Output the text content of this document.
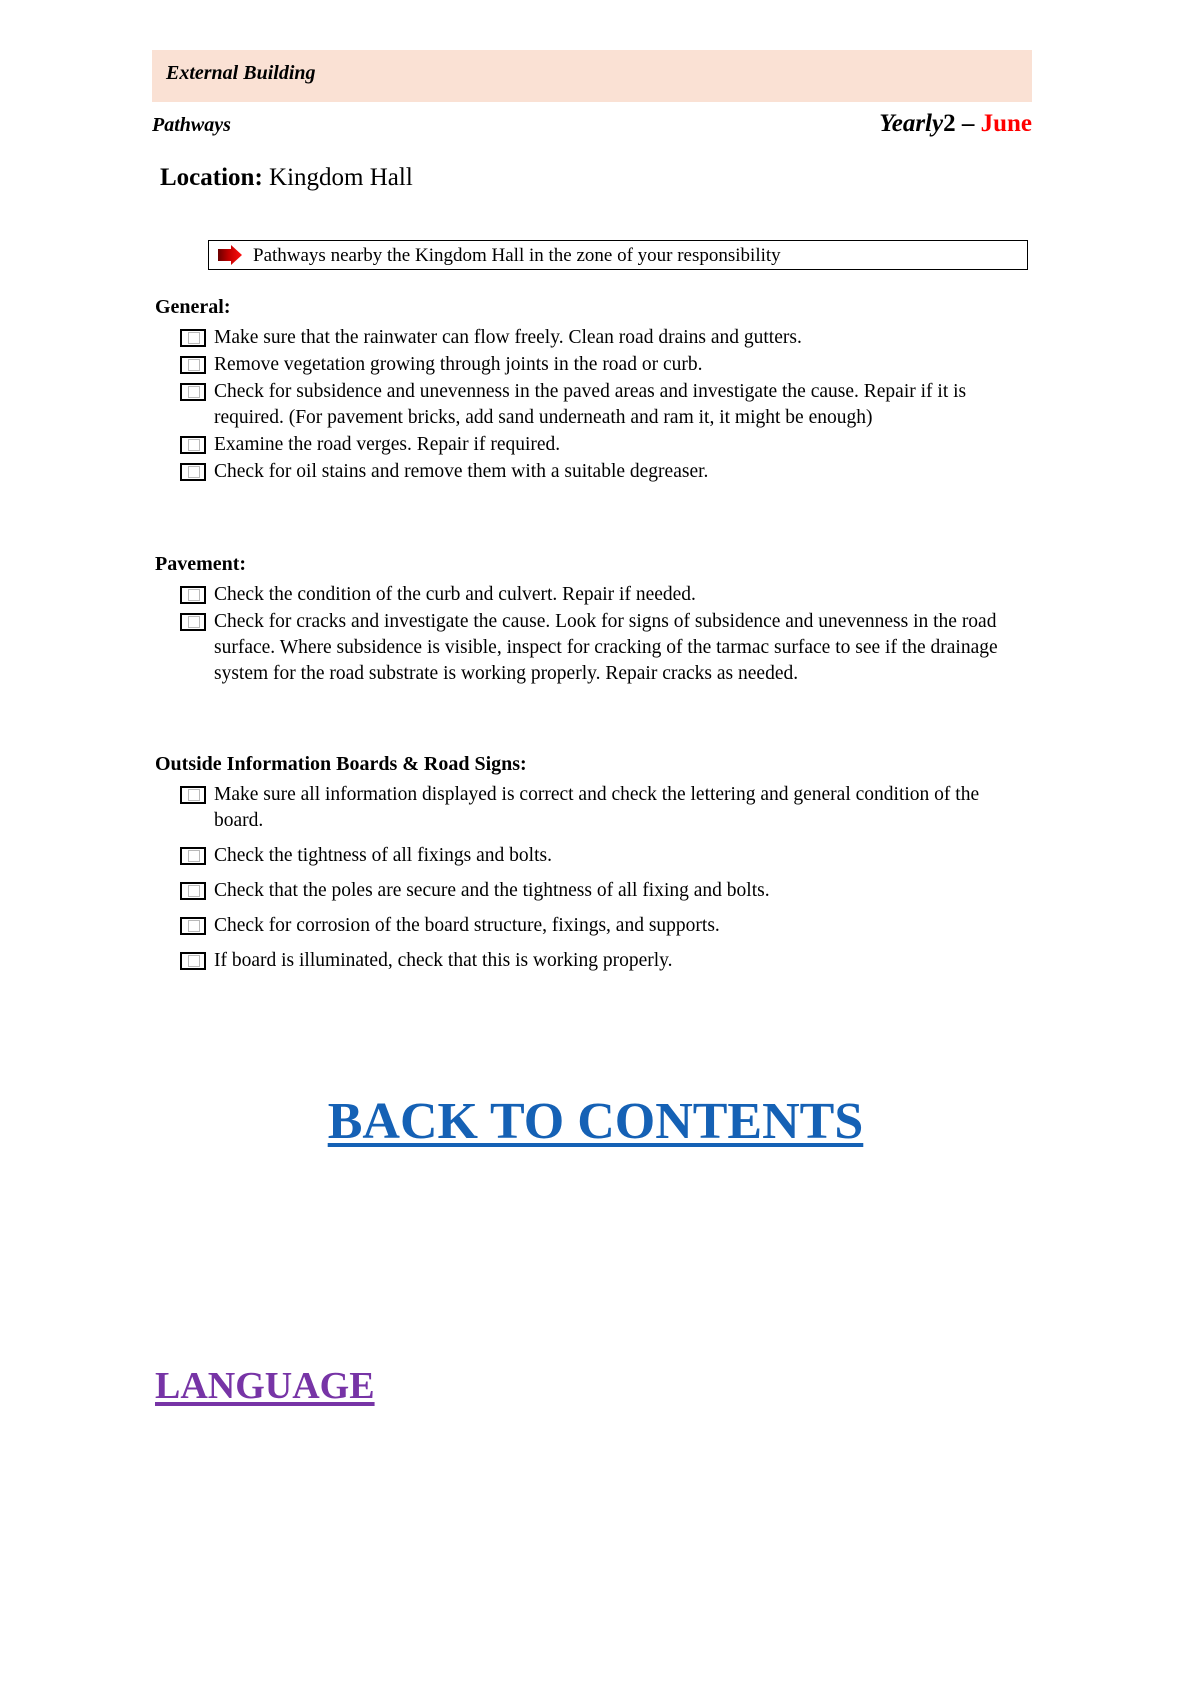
External Building
Pathways	Yearly2 – June
Location: Kingdom Hall
Pathways nearby the Kingdom Hall in the zone of your responsibility
General:
Make sure that the rainwater can flow freely. Clean road drains and gutters.
Remove vegetation growing through joints in the road or curb.
Check for subsidence and unevenness in the paved areas and investigate the cause. Repair if it is required. (For pavement bricks, add sand underneath and ram it, it might be enough)
Examine the road verges. Repair if required.
Check for oil stains and remove them with a suitable degreaser.
Pavement:
Check the condition of the curb and culvert. Repair if needed.
Check for cracks and investigate the cause. Look for signs of subsidence and unevenness in the road surface. Where subsidence is visible, inspect for cracking of the tarmac surface to see if the drainage system for the road substrate is working properly. Repair cracks as needed.
Outside Information Boards & Road Signs:
Make sure all information displayed is correct and check the lettering and general condition of the board.
Check the tightness of all fixings and bolts.
Check that the poles are secure and the tightness of all fixing and bolts.
Check for corrosion of the board structure, fixings, and supports.
If board is illuminated, check that this is working properly.
BACK TO CONTENTS
LANGUAGE
